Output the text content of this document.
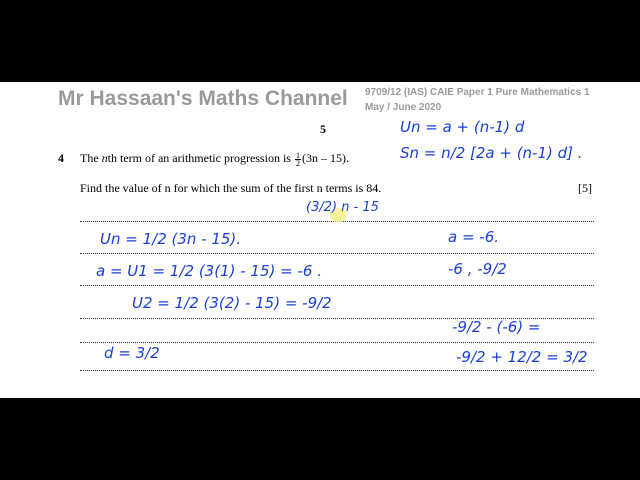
Mr Hassaan's Maths Channel 9709/12 (IAS) CAIE Paper 1 Pure Mathematics 1
May / June 2020
5
4 The nth term of an arithmetic progression is $\frac{1}{2} (3n - 15)$.
Find the value of n for which the sum of the first n terms is 84.	[5]
Un = a + (n-1) d
Sn = n/2 [2a + (n-1) d] .
(3/2) n - 15
Un = 1/2 (3n - 15).
a = U1 = 1/2 (3(1) - 15) = -6 .
U2 = 1/2 (3(2) - 15) = -9/2
d = 3/2
a = -6.
-6 , -9/2
-9/2 - (-6) =
-9/2 + 12/2 = 3/2
